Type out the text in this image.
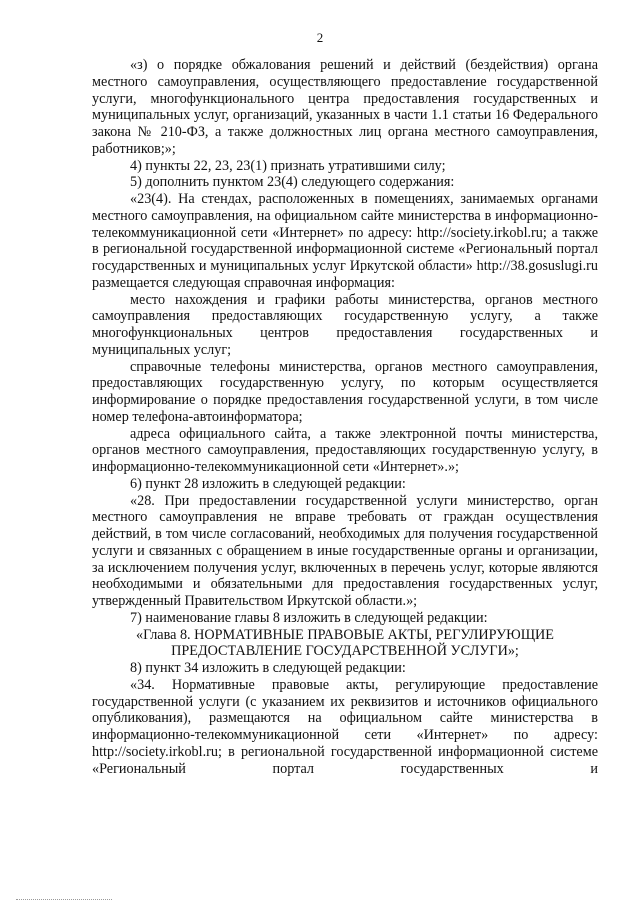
2

«з) о порядке обжалования решений и действий (бездействия) органа местного самоуправления, осуществляющего предоставление государственной услуги, многофункционального центра предоставления государственных и муниципальных услуг, организаций, указанных в части 1.1 статьи 16 Федерального закона № 210-ФЗ, а также должностных лиц органа местного самоуправления, работников;»;

4) пункты 22, 23, 23(1) признать утратившими силу;

5) дополнить пунктом 23(4) следующего содержания:

«23(4). На стендах, расположенных в помещениях, занимаемых органами местного самоуправления, на официальном сайте министерства в информационно-телекоммуникационной сети «Интернет» по адресу: http://society.irkobl.ru; а также в региональной государственной информационной системе «Региональный портал государственных и муниципальных услуг Иркутской области» http://38.gosuslugi.ru размещается следующая справочная информация:

место нахождения и графики работы министерства, органов местного самоуправления предоставляющих государственную услугу, а также многофункциональных центров предоставления государственных и муниципальных услуг;

справочные телефоны министерства, органов местного самоуправления, предоставляющих государственную услугу, по которым осуществляется информирование о порядке предоставления государственной услуги, в том числе номер телефона-автоинформатора;

адреса официального сайта, а также электронной почты министерства, органов местного самоуправления, предоставляющих государственную услугу, в информационно-телекоммуникационной сети «Интернет».»;

6) пункт 28 изложить в следующей редакции:

«28. При предоставлении государственной услуги министерство, орган местного самоуправления не вправе требовать от граждан осуществления действий, в том числе согласований, необходимых для получения государственной услуги и связанных с обращением в иные государственные органы и организации, за исключением получения услуг, включенных в перечень услуг, которые являются необходимыми и обязательными для предоставления государственных услуг, утвержденный Правительством Иркутской области.»;

7) наименование главы 8 изложить в следующей редакции:

«Глава 8. НОРМАТИВНЫЕ ПРАВОВЫЕ АКТЫ, РЕГУЛИРУЮЩИЕ ПРЕДОСТАВЛЕНИЕ ГОСУДАРСТВЕННОЙ УСЛУГИ»;

8) пункт 34 изложить в следующей редакции:

«34. Нормативные правовые акты, регулирующие предоставление государственной услуги (с указанием их реквизитов и источников официального опубликования), размещаются на официальном сайте министерства в информационно-телекоммуникационной сети «Интернет» по адресу: http://society.irkobl.ru; в региональной государственной информационной системе «Региональный портал государственных и
